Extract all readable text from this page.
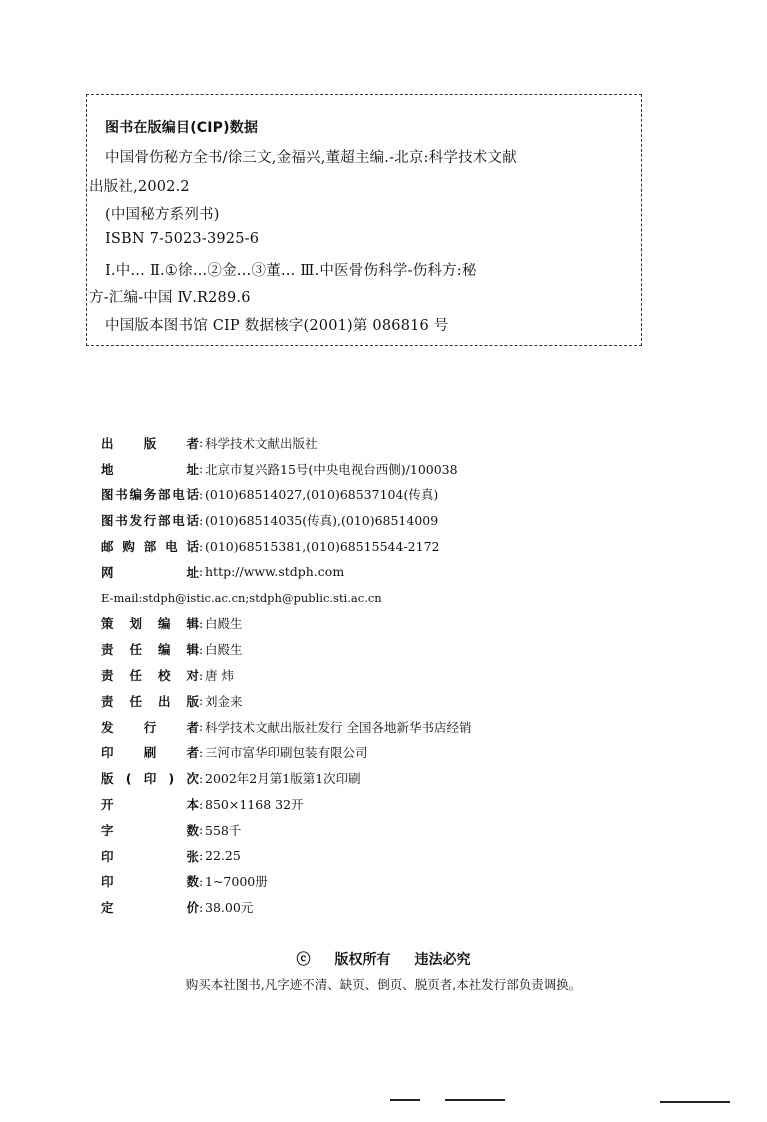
图书在版编目(CIP)数据
中国骨伤秘方全书/徐三文,金福兴,董超主编.-北京:科学技术文献
出版社,2002.2
(中国秘方系列书)
ISBN 7-5023-3925-6
Ⅰ.中… Ⅱ.①徐…②金…③董… Ⅲ.中医骨伤科学-伤科方:秘
方-汇编-中国 Ⅳ.R289.6
中国版本图书馆 CIP 数据核字(2001)第 086816 号
出版者 : 科学技术文献出版社
地址 : 北京市复兴路15号(中央电视台西侧)/100038
图书编务部电话 : (010)68514027,(010)68537104(传真)
图书发行部电话 : (010)68514035(传真),(010)68514009
邮购部电话 : (010)68515381,(010)68515544-2172
网址 : http://www.stdph.com
E-mail : stdph@istic.ac.cn;stdph@public.sti.ac.cn
策划编辑 : 白殿生
责任编辑 : 白殿生
责任校对 : 唐 炜
责任出版 : 刘金来
发行者 : 科学技术文献出版社发行 全国各地新华书店经销
印刷者 : 三河市富华印刷包装有限公司
版(印)次 : 2002年2月第1版第1次印刷
开本 : 850×1168 32开
字数 : 558千
印张 : 22.25
印数 : 1~7000册
定价 : 38.00元
ⓒ 版权所有 违法必究
购买本社图书,凡字迹不清、缺页、倒页、脱页者,本社发行部负责调换。
